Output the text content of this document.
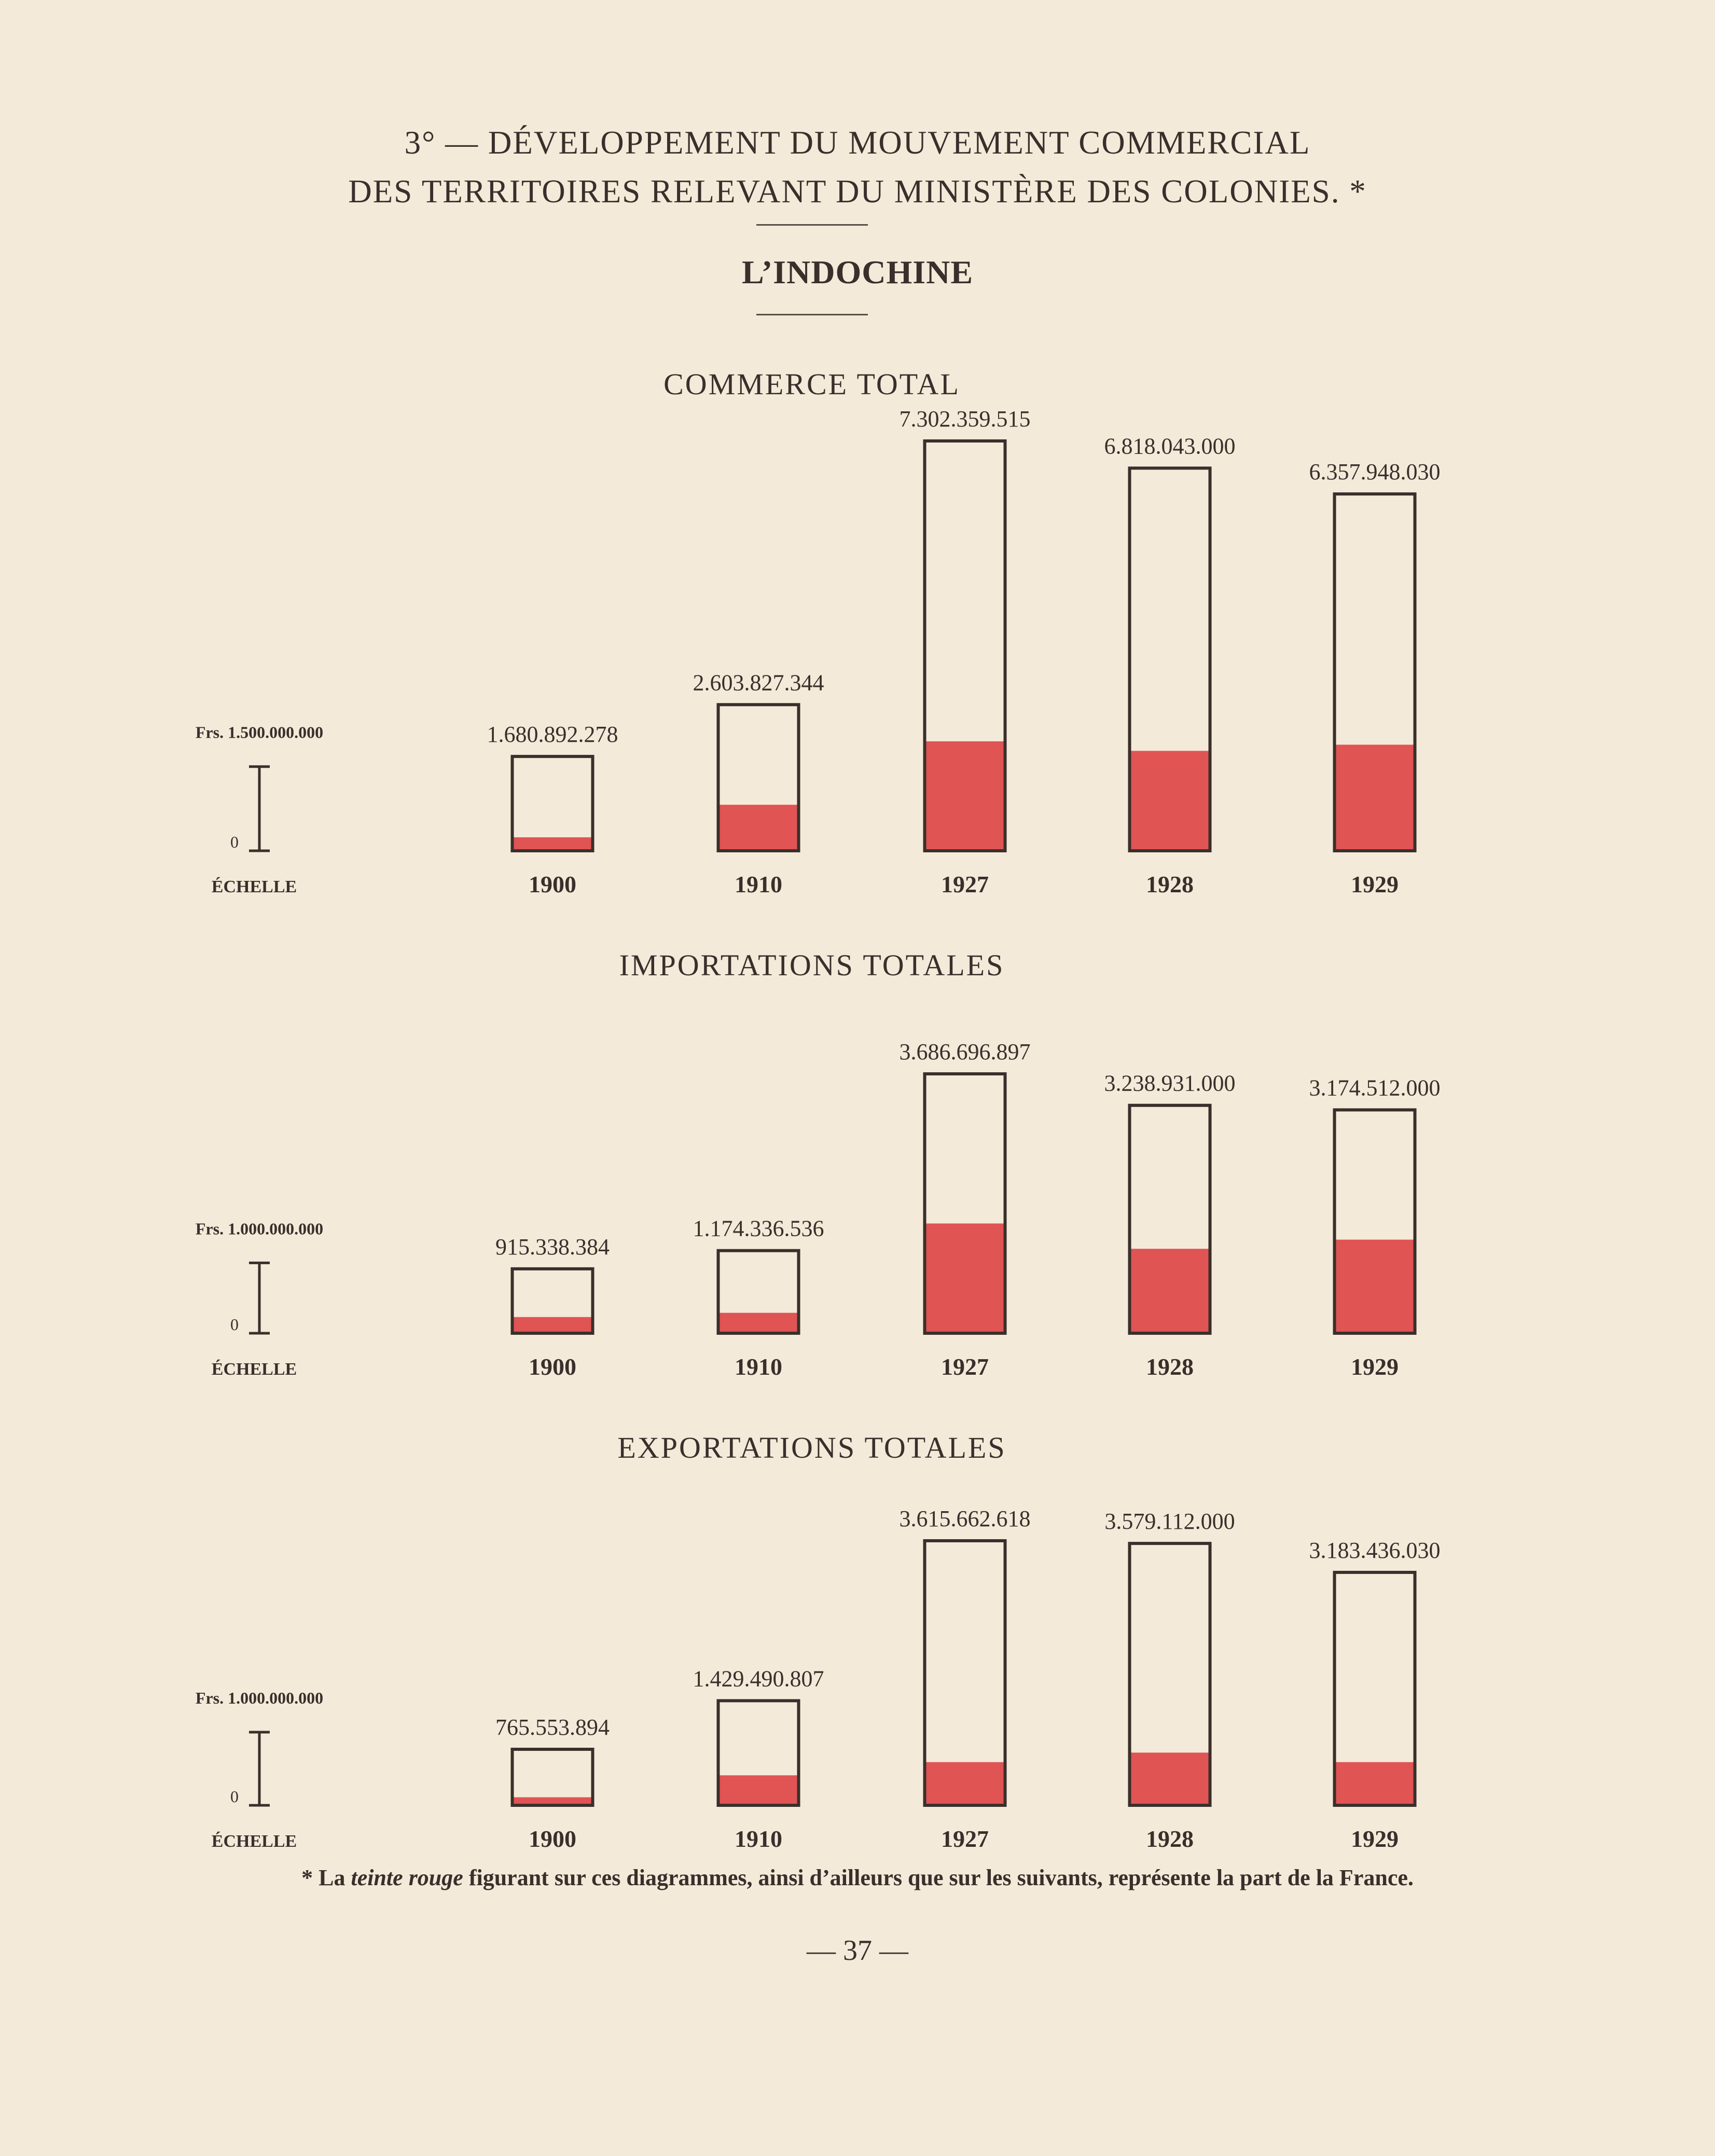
3° — DÉVELOPPEMENT DU MOUVEMENT COMMERCIAL
DES TERRITOIRES RELEVANT DU MINISTÈRE DES COLONIES. *
L’INDOCHINE
COMMERCE TOTAL
Frs. 1.500.000.000
0
ÉCHELLE
1.680.892.278
1900
2.603.827.344
1910
7.302.359.515
1927
6.818.043.000
1928
6.357.948.030
1929
IMPORTATIONS TOTALES
Frs. 1.000.000.000
0
ÉCHELLE
915.338.384
1900
1.174.336.536
1910
3.686.696.897
1927
3.238.931.000
1928
3.174.512.000
1929
EXPORTATIONS TOTALES
Frs. 1.000.000.000
0
ÉCHELLE
765.553.894
1900
1.429.490.807
1910
3.615.662.618
1927
3.579.112.000
1928
3.183.436.030
1929
* La teinte rouge figurant sur ces diagrammes, ainsi d’ailleurs que sur les suivants, représente la part de la France.
— 37 —
